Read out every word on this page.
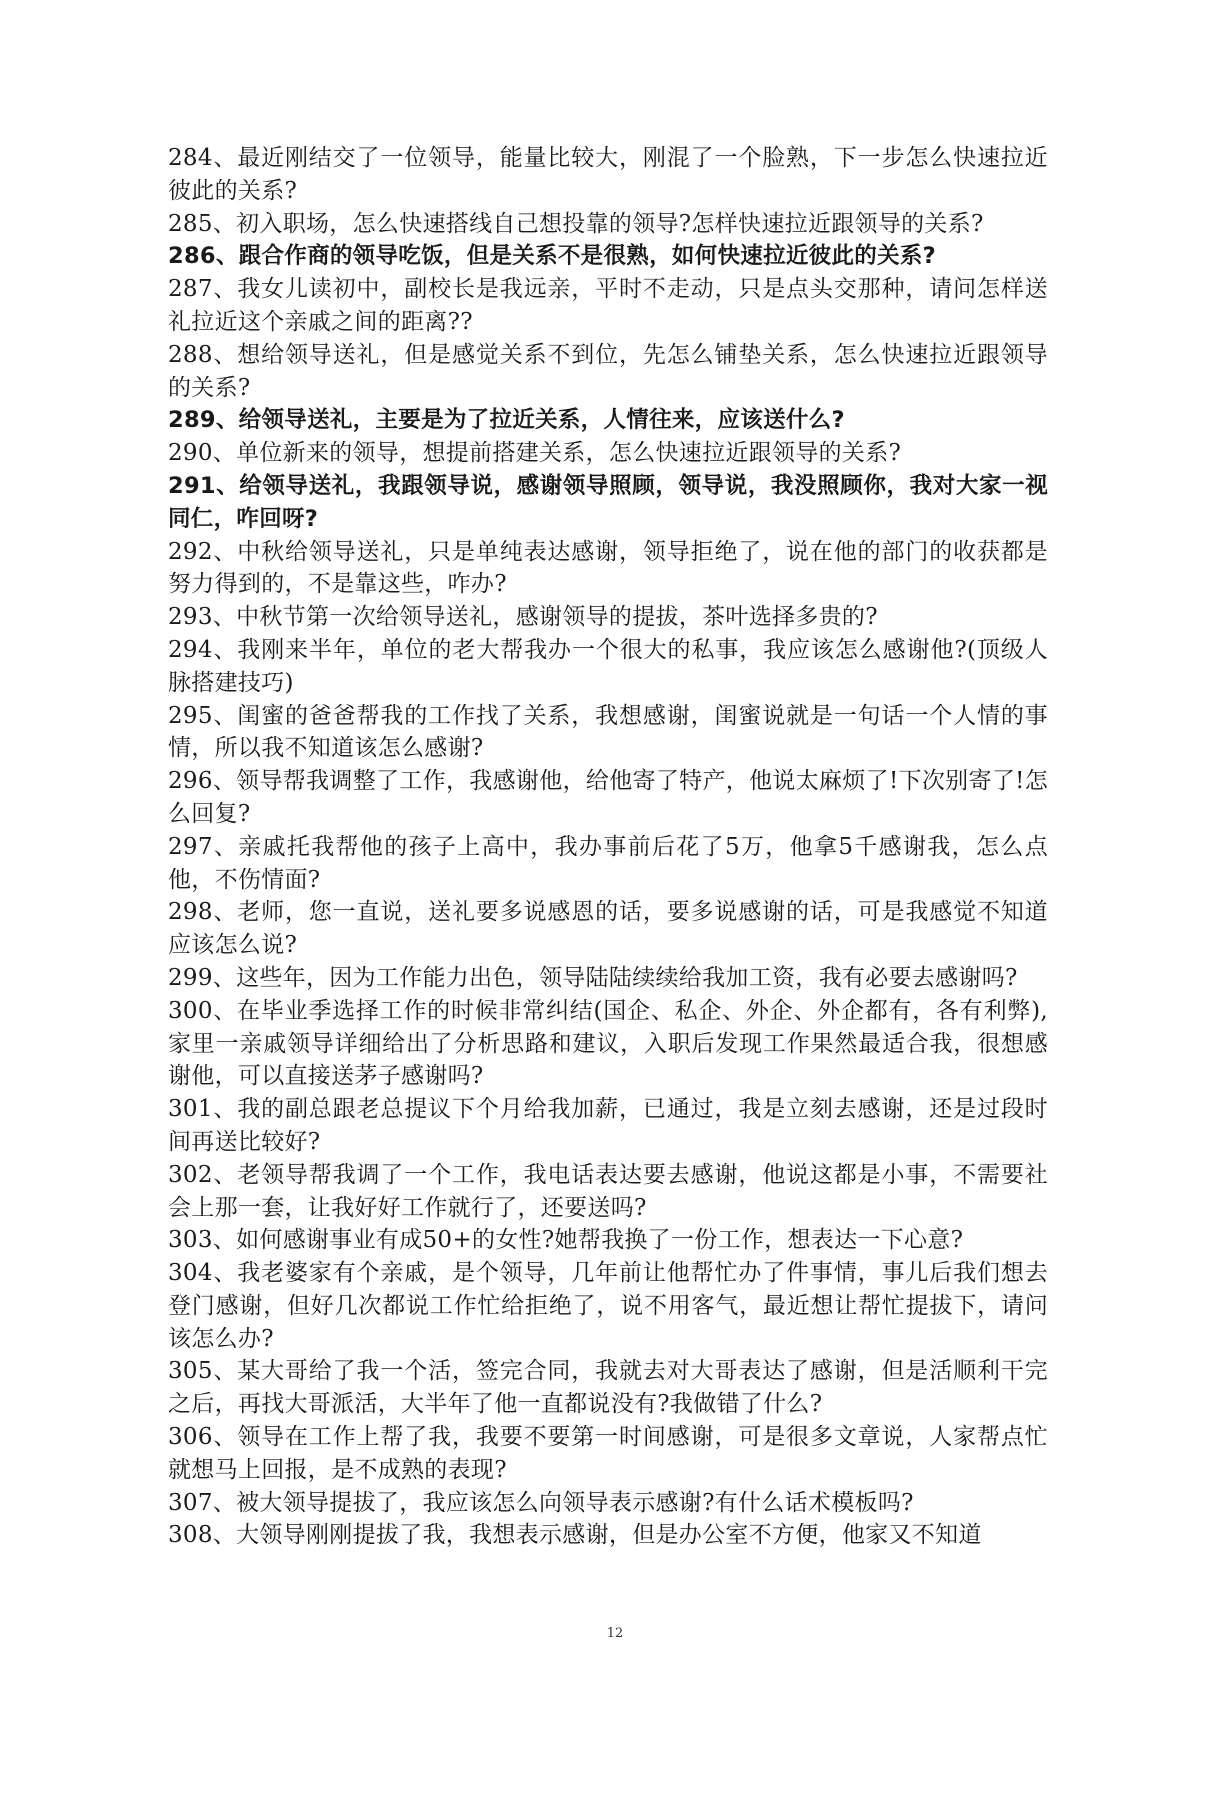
284、最近刚结交了一位领导，能量比较大，刚混了一个脸熟，下一步怎么快速拉近彼此的关系?

285、初入职场，怎么快速搭线自己想投靠的领导?怎样快速拉近跟领导的关系?

286、跟合作商的领导吃饭，但是关系不是很熟，如何快速拉近彼此的关系?

287、我女儿读初中，副校长是我远亲，平时不走动，只是点头交那种，请问怎样送礼拉近这个亲戚之间的距离??

288、想给领导送礼，但是感觉关系不到位，先怎么铺垫关系，怎么快速拉近跟领导的关系?

289、给领导送礼，主要是为了拉近关系，人情往来，应该送什么?

290、单位新来的领导，想提前搭建关系，怎么快速拉近跟领导的关系?

291、给领导送礼，我跟领导说，感谢领导照顾，领导说，我没照顾你，我对大家一视同仁，咋回呀?

292、中秋给领导送礼，只是单纯表达感谢，领导拒绝了，说在他的部门的收获都是努力得到的，不是靠这些，咋办?

293、中秋节第一次给领导送礼，感谢领导的提拔，茶叶选择多贵的?

294、我刚来半年，单位的老大帮我办一个很大的私事，我应该怎么感谢他?(顶级人脉搭建技巧)

295、闺蜜的爸爸帮我的工作找了关系，我想感谢，闺蜜说就是一句话一个人情的事情，所以我不知道该怎么感谢?

296、领导帮我调整了工作，我感谢他，给他寄了特产，他说太麻烦了!下次别寄了!怎么回复?

297、亲戚托我帮他的孩子上高中，我办事前后花了5万，他拿5千感谢我，怎么点他，不伤情面?

298、老师，您一直说，送礼要多说感恩的话，要多说感谢的话，可是我感觉不知道应该怎么说?

299、这些年，因为工作能力出色，领导陆陆续续给我加工资，我有必要去感谢吗?

300、在毕业季选择工作的时候非常纠结(国企、私企、外企、外企都有，各有利弊),家里一亲戚领导详细给出了分析思路和建议，入职后发现工作果然最适合我，很想感谢他，可以直接送茅子感谢吗?

301、我的副总跟老总提议下个月给我加薪，已通过，我是立刻去感谢，还是过段时间再送比较好?

302、老领导帮我调了一个工作，我电话表达要去感谢，他说这都是小事，不需要社会上那一套，让我好好工作就行了，还要送吗?

303、如何感谢事业有成50+的女性?她帮我换了一份工作，想表达一下心意?

304、我老婆家有个亲戚，是个领导，几年前让他帮忙办了件事情，事儿后我们想去登门感谢，但好几次都说工作忙给拒绝了，说不用客气，最近想让帮忙提拔下，请问该怎么办?

305、某大哥给了我一个活，签完合同，我就去对大哥表达了感谢，但是活顺利干完之后，再找大哥派活，大半年了他一直都说没有?我做错了什么?

306、领导在工作上帮了我，我要不要第一时间感谢，可是很多文章说，人家帮点忙就想马上回报，是不成熟的表现?

307、被大领导提拔了，我应该怎么向领导表示感谢?有什么话术模板吗?

308、大领导刚刚提拔了我，我想表示感谢，但是办公室不方便，他家又不知道

12
